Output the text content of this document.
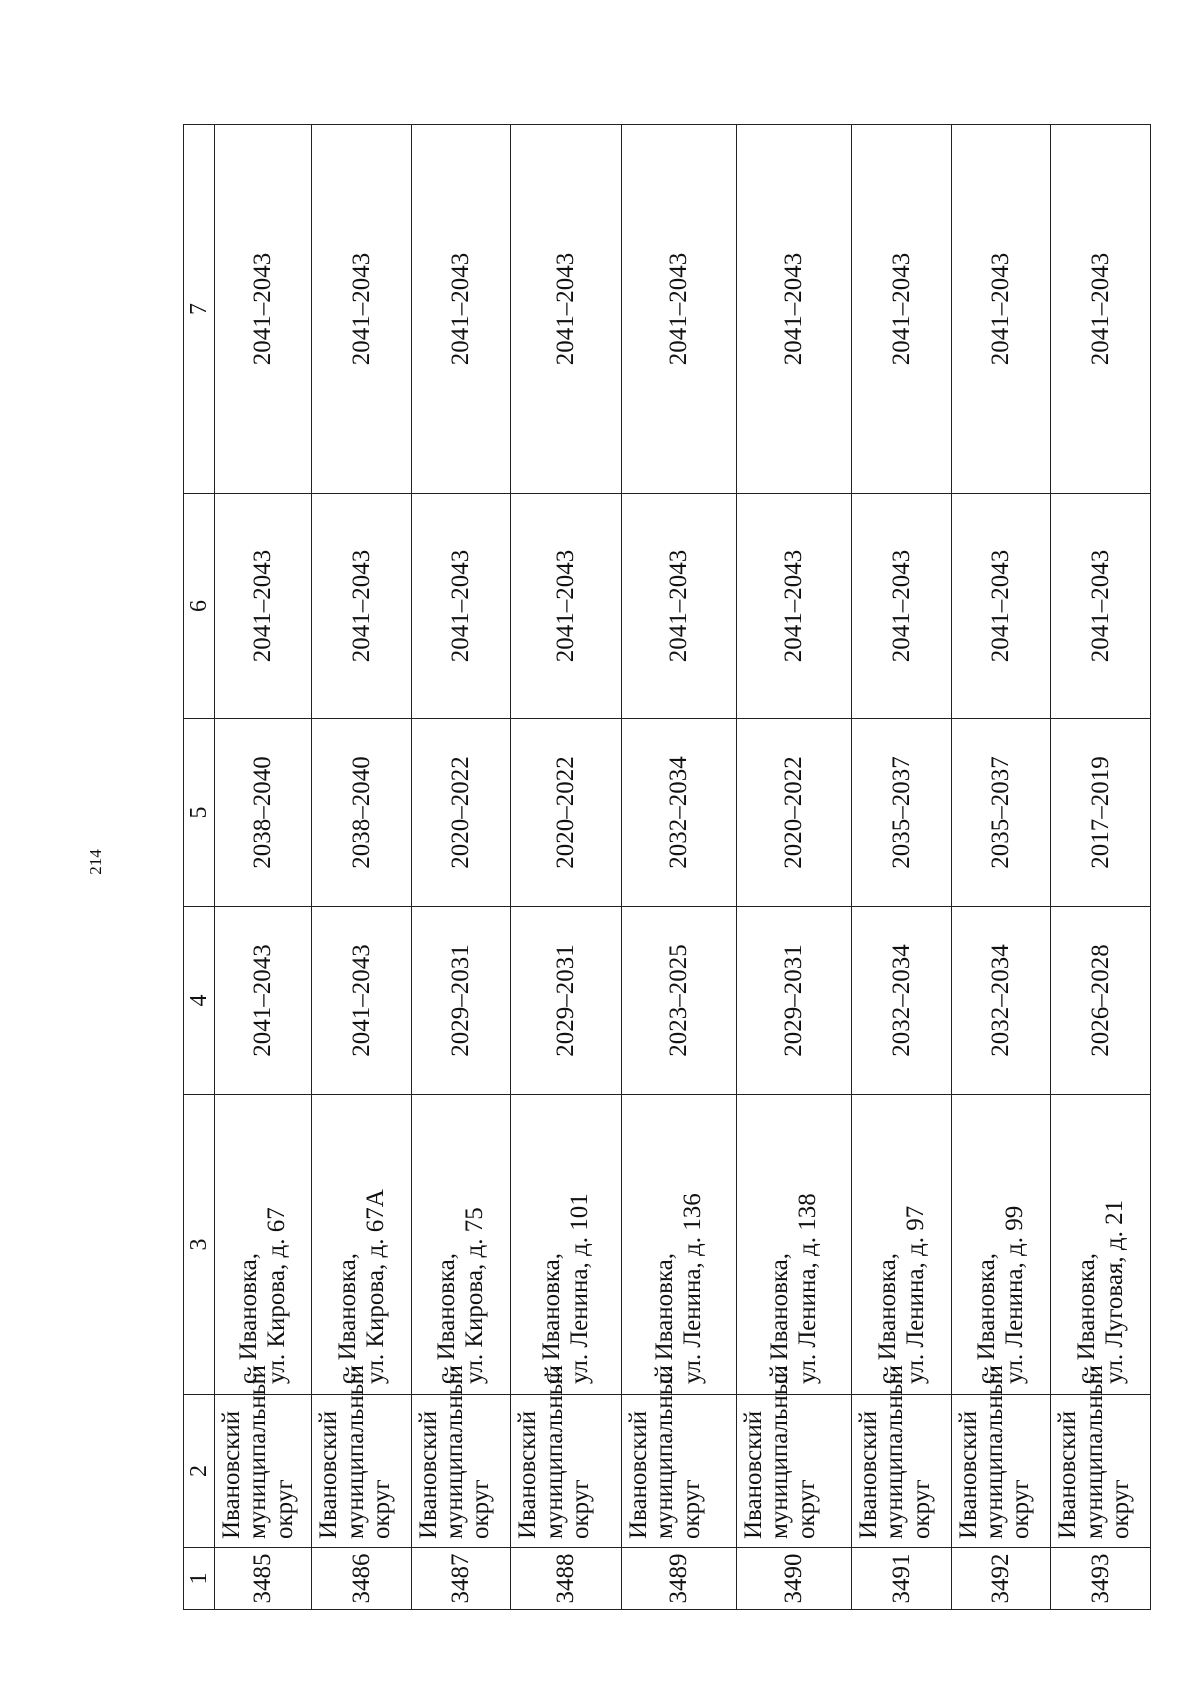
214
1	2	3	4	5	6	7
3485	Ивановский муниципальный округ	с. Ивановка, ул. Кирова, д. 67	2041–2043	2038–2040	2041–2043	2041–2043
3486	Ивановский муниципальный округ	с. Ивановка, ул. Кирова, д. 67А	2041–2043	2038–2040	2041–2043	2041–2043
3487	Ивановский муниципальный округ	с. Ивановка, ул. Кирова, д. 75	2029–2031	2020–2022	2041–2043	2041–2043
3488	Ивановский муниципальный округ	с. Ивановка, ул. Ленина, д. 101	2029–2031	2020–2022	2041–2043	2041–2043
3489	Ивановский муниципальный округ	с. Ивановка, ул. Ленина, д. 136	2023–2025	2032–2034	2041–2043	2041–2043
3490	Ивановский муниципальный округ	с. Ивановка, ул. Ленина, д. 138	2029–2031	2020–2022	2041–2043	2041–2043
3491	Ивановский муниципальный округ	с. Ивановка, ул. Ленина, д. 97	2032–2034	2035–2037	2041–2043	2041–2043
3492	Ивановский муниципальный округ	с. Ивановка, ул. Ленина, д. 99	2032–2034	2035–2037	2041–2043	2041–2043
3493	Ивановский муниципальный округ	с. Ивановка, ул. Луговая, д. 21	2026–2028	2017–2019	2041–2043	2041–2043
